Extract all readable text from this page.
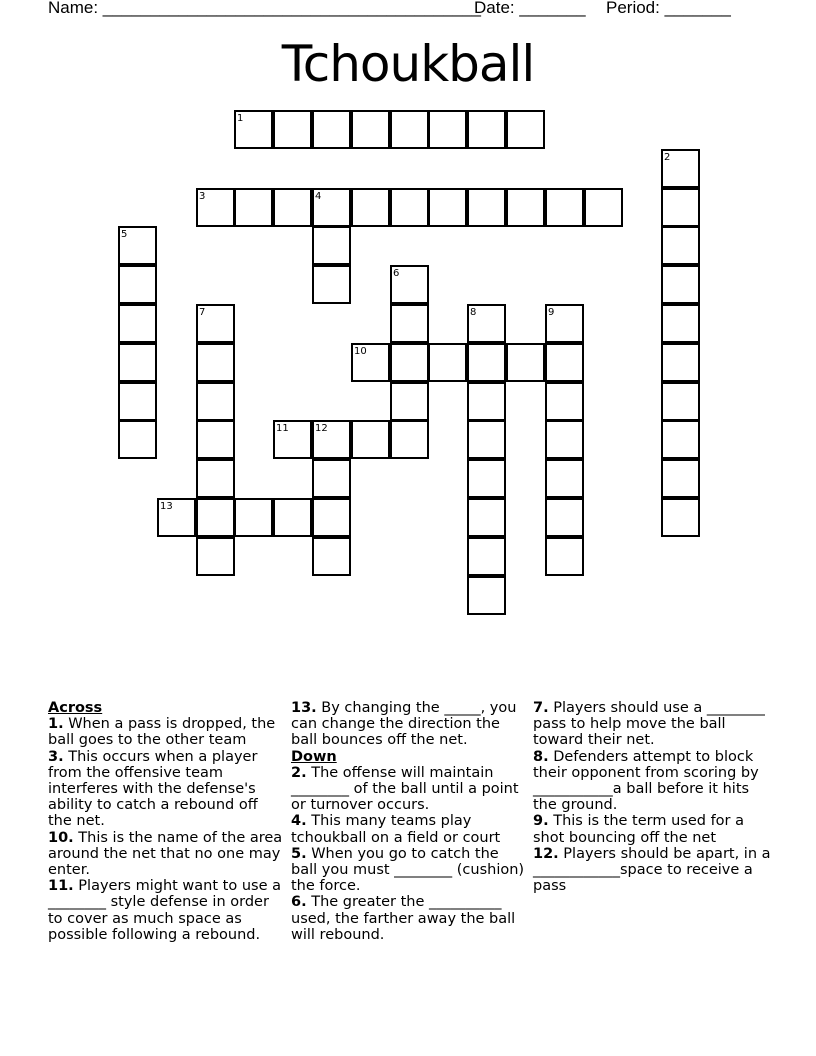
Name: ________________________________________
Date: _______ Period: _______
Tchoukball
1
2
3	4
5
6
7	8	9
10
11	12
13
Across
1. When a pass is dropped, the ball goes to the other team
3. This occurs when a player from the offensive team interferes with the defense's ability to catch a rebound off the net.
10. This is the name of the area around the net that no one may enter.
11. Players might want to use a ________ style defense in order to cover as much space as possible following a rebound.
13. By changing the _____, you can change the direction the ball bounces off the net.
Down
2. The offense will maintain ________ of the ball until a point or turnover occurs.
4. This many teams play tchoukball on a field or court
5. When you go to catch the ball you must ________ (cushion) the force.
6. The greater the __________ used, the farther away the ball will rebound.
7. Players should use a ________ pass to help move the ball toward their net.
8. Defenders attempt to block their opponent from scoring by ___________a ball before it hits the ground.
9. This is the term used for a shot bouncing off the net
12. Players should be apart, in a ____________space to receive a pass
